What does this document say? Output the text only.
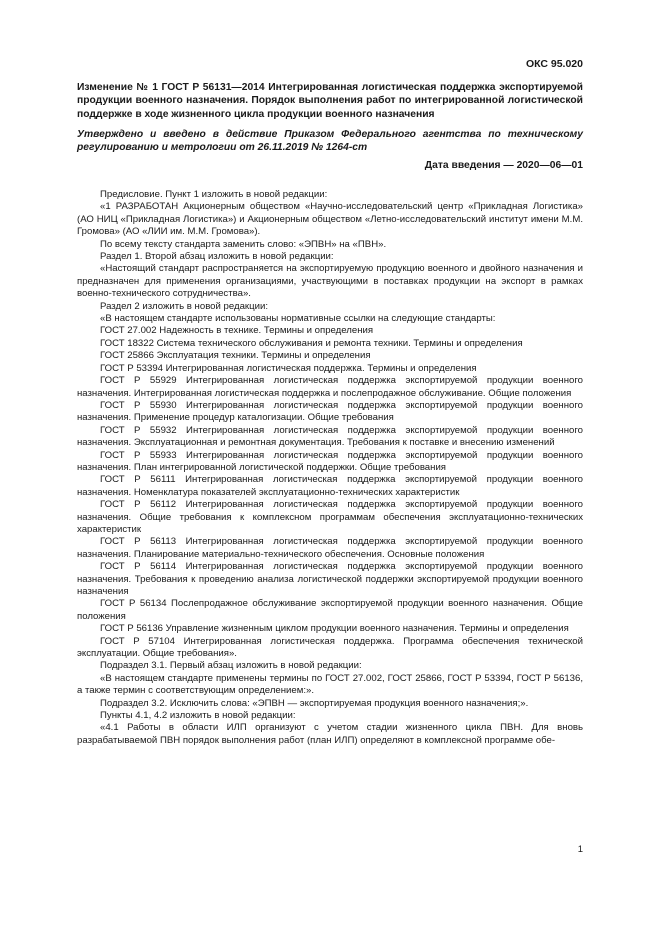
ОКС 95.020
Изменение № 1 ГОСТ Р 56131—2014 Интегрированная логистическая поддержка экспортируемой продукции военного назначения. Порядок выполнения работ по интегрированной логистической поддержке в ходе жизненного цикла продукции военного назначения
Утверждено и введено в действие Приказом Федерального агентства по техническому регулированию и метрологии от 26.11.2019 № 1264-ст
Дата введения — 2020—06—01

Предисловие. Пункт 1 изложить в новой редакции:

«1 РАЗРАБОТАН Акционерным обществом «Научно-исследовательский центр «Прикладная Логистика» (АО НИЦ «Прикладная Логистика») и Акционерным обществом «Летно-исследовательский институт имени М.М. Громова» (АО «ЛИИ им. М.М. Громова»).

По всему тексту стандарта заменить слово: «ЭПВН» на «ПВН».

Раздел 1. Второй абзац изложить в новой редакции:

«Настоящий стандарт распространяется на экспортируемую продукцию военного и двойного назначения и предназначен для применения организациями, участвующими в поставках продукции на экспорт в рамках военно-технического сотрудничества».

Раздел 2 изложить в новой редакции:

«В настоящем стандарте использованы нормативные ссылки на следующие стандарты:

ГОСТ 27.002 Надежность в технике. Термины и определения

ГОСТ 18322 Система технического обслуживания и ремонта техники. Термины и определения

ГОСТ 25866 Эксплуатация техники. Термины и определения

ГОСТ Р 53394 Интегрированная логистическая поддержка. Термины и определения

ГОСТ Р 55929 Интегрированная логистическая поддержка экспортируемой продукции военного назначения. Интегрированная логистическая поддержка и послепродажное обслуживание. Общие положения

ГОСТ Р 55930 Интегрированная логистическая поддержка экспортируемой продукции военного назначения. Применение процедур каталогизации. Общие требования

ГОСТ Р 55932 Интегрированная логистическая поддержка экспортируемой продукции военного назначения. Эксплуатационная и ремонтная документация. Требования к поставке и внесению изменений

ГОСТ Р 55933 Интегрированная логистическая поддержка экспортируемой продукции военного назначения. План интегрированной логистической поддержки. Общие требования

ГОСТ Р 56111 Интегрированная логистическая поддержка экспортируемой продукции военного назначения. Номенклатура показателей эксплуатационно-технических характеристик

ГОСТ Р 56112 Интегрированная логистическая поддержка экспортируемой продукции военного назначения. Общие требования к комплексном программам обеспечения эксплуатационно-технических характеристик

ГОСТ Р 56113 Интегрированная логистическая поддержка экспортируемой продукции военного назначения. Планирование материально-технического обеспечения. Основные положения

ГОСТ Р 56114 Интегрированная логистическая поддержка экспортируемой продукции военного назначения. Требования к проведению анализа логистической поддержки экспортируемой продукции военного назначения

ГОСТ Р 56134 Послепродажное обслуживание экспортируемой продукции военного назначения. Общие положения

ГОСТ Р 56136 Управление жизненным циклом продукции военного назначения. Термины и определения

ГОСТ Р 57104 Интегрированная логистическая поддержка. Программа обеспечения технической эксплуатации. Общие требования».

Подраздел 3.1. Первый абзац изложить в новой редакции:

«В настоящем стандарте применены термины по ГОСТ 27.002, ГОСТ 25866, ГОСТ Р 53394, ГОСТ Р 56136, а также термин с соответствующим определением:».

Подраздел 3.2. Исключить слова: «ЭПВН — экспортируемая продукция военного назначения;».

Пункты 4.1, 4.2 изложить в новой редакции:

«4.1 Работы в области ИЛП организуют с учетом стадии жизненного цикла ПВН. Для вновь разрабатываемой ПВН порядок выполнения работ (план ИЛП) определяют в комплексной программе обе-

1
